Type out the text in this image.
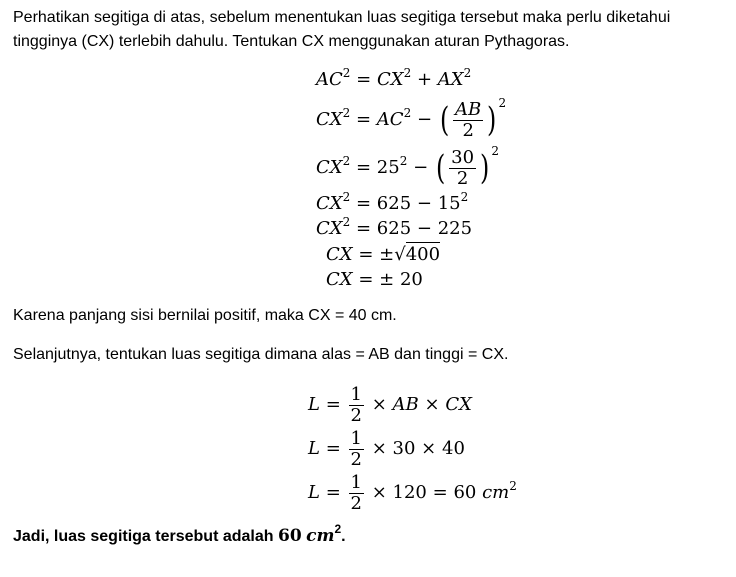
Perhatikan segitiga di atas, sebelum menentukan luas segitiga tersebut maka perlu diketahui
tingginya (CX) terlebih dahulu. Tentukan CX menggunakan aturan Pythagoras.
$AC^2 = CX^2 + AX^2$
$CX^2 = AC^2$ − ( $\frac{AB}{2}$ ) $^2$
$CX^2 = 25^2$ − ( $\frac{30}{2}$ ) $^2$
$CX^2 = 625 - 15^2$
$CX^2 = 625 - 225$
CX = ±√400
CX = ± 20
Karena panjang sisi bernilai positif, maka CX = 40 cm.
Selanjutnya, tentukan luas segitiga dimana alas = AB dan tinggi = CX.
$L = \frac{1}{2}$ × AB × CX
$L = \frac{1}{2} \times 30 \times 40$
$L = \frac{1}{2} \times 120 = 60$ $cm^2$
Jadi, luas segitiga tersebut adalah 60 $cm^2$.
